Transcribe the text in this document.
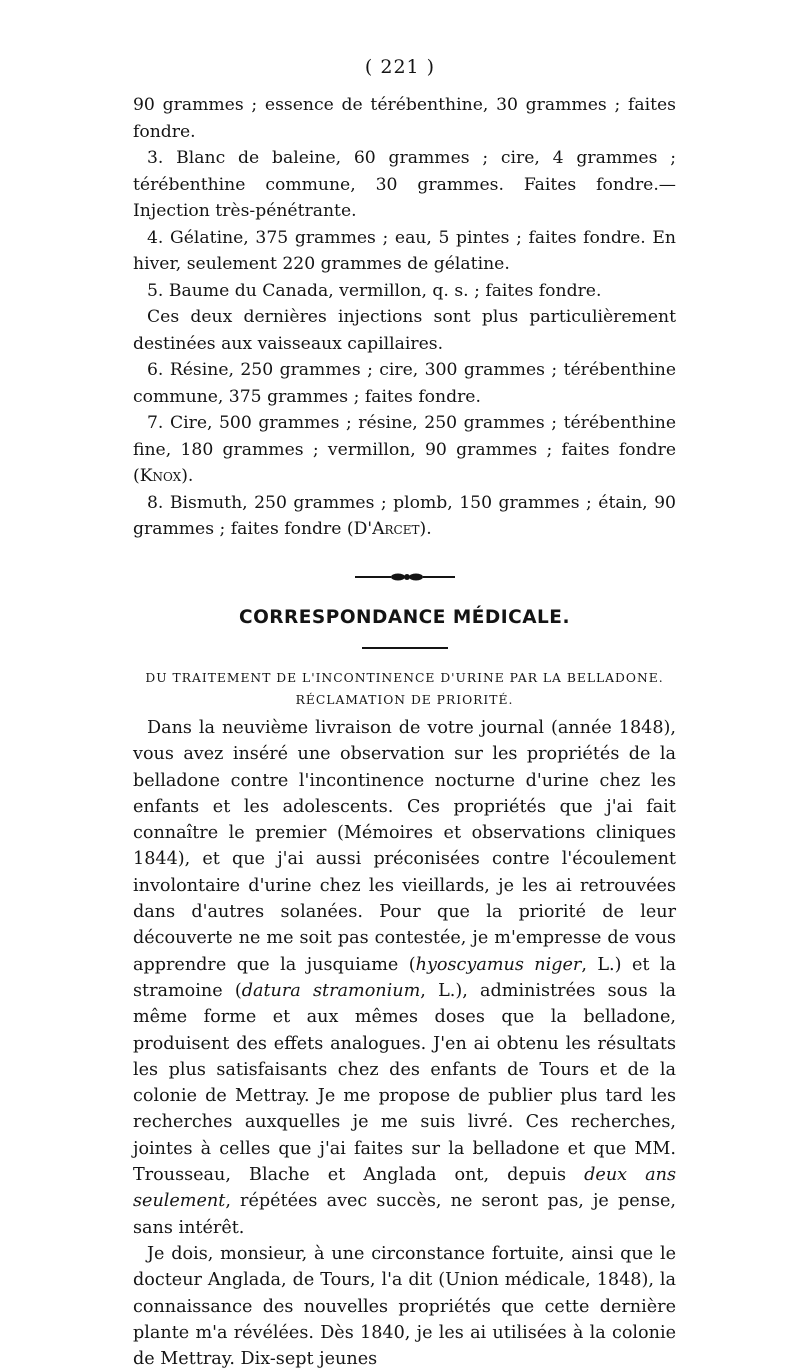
( 221 )

90 grammes ; essence de térébenthine, 30 grammes ; faites fondre.

3. Blanc de baleine, 60 grammes ; cire, 4 grammes ; térébenthine commune, 30 grammes. Faites fondre.—Injection très-pénétrante.

4. Gélatine, 375 grammes ; eau, 5 pintes ; faites fondre. En hiver, seulement 220 grammes de gélatine.

5. Baume du Canada, vermillon, q. s. ; faites fondre.

Ces deux dernières injections sont plus particulièrement destinées aux vaisseaux capillaires.

6. Résine, 250 grammes ; cire, 300 grammes ; térébenthine commune, 375 grammes ; faites fondre.

7. Cire, 500 grammes ; résine, 250 grammes ; térébenthine fine, 180 grammes ; vermillon, 90 grammes ; faites fondre (Knox).

8. Bismuth, 250 grammes ; plomb, 150 grammes ; étain, 90 grammes ; faites fondre (D'Arcet).

CORRESPONDANCE MÉDICALE.

DU TRAITEMENT DE L'INCONTINENCE D'URINE PAR LA BELLADONE.

RÉCLAMATION DE PRIORITÉ.

Dans la neuvième livraison de votre journal (année 1848), vous avez inséré une observation sur les propriétés de la belladone contre l'incontinence nocturne d'urine chez les enfants et les adolescents. Ces propriétés que j'ai fait connaître le premier (Mémoires et observations cliniques 1844), et que j'ai aussi préconisées contre l'écoulement involontaire d'urine chez les vieillards, je les ai retrouvées dans d'autres solanées. Pour que la priorité de leur découverte ne me soit pas contestée, je m'empresse de vous apprendre que la jusquiame (hyoscyamus niger, L.) et la stramoine (datura stramonium, L.), administrées sous la même forme et aux mêmes doses que la belladone, produisent des effets analogues. J'en ai obtenu les résultats les plus satisfaisants chez des enfants de Tours et de la colonie de Mettray. Je me propose de publier plus tard les recherches auxquelles je me suis livré. Ces recherches, jointes à celles que j'ai faites sur la belladone et que MM. Trousseau, Blache et Anglada ont, depuis deux ans seulement, répétées avec succès, ne seront pas, je pense, sans intérêt.

Je dois, monsieur, à une circonstance fortuite, ainsi que le docteur Anglada, de Tours, l'a dit (Union médicale, 1848), la connaissance des nouvelles propriétés que cette dernière plante m'a révélées. Dès 1840, je les ai utilisées à la colonie de Mettray. Dix-sept jeunes
